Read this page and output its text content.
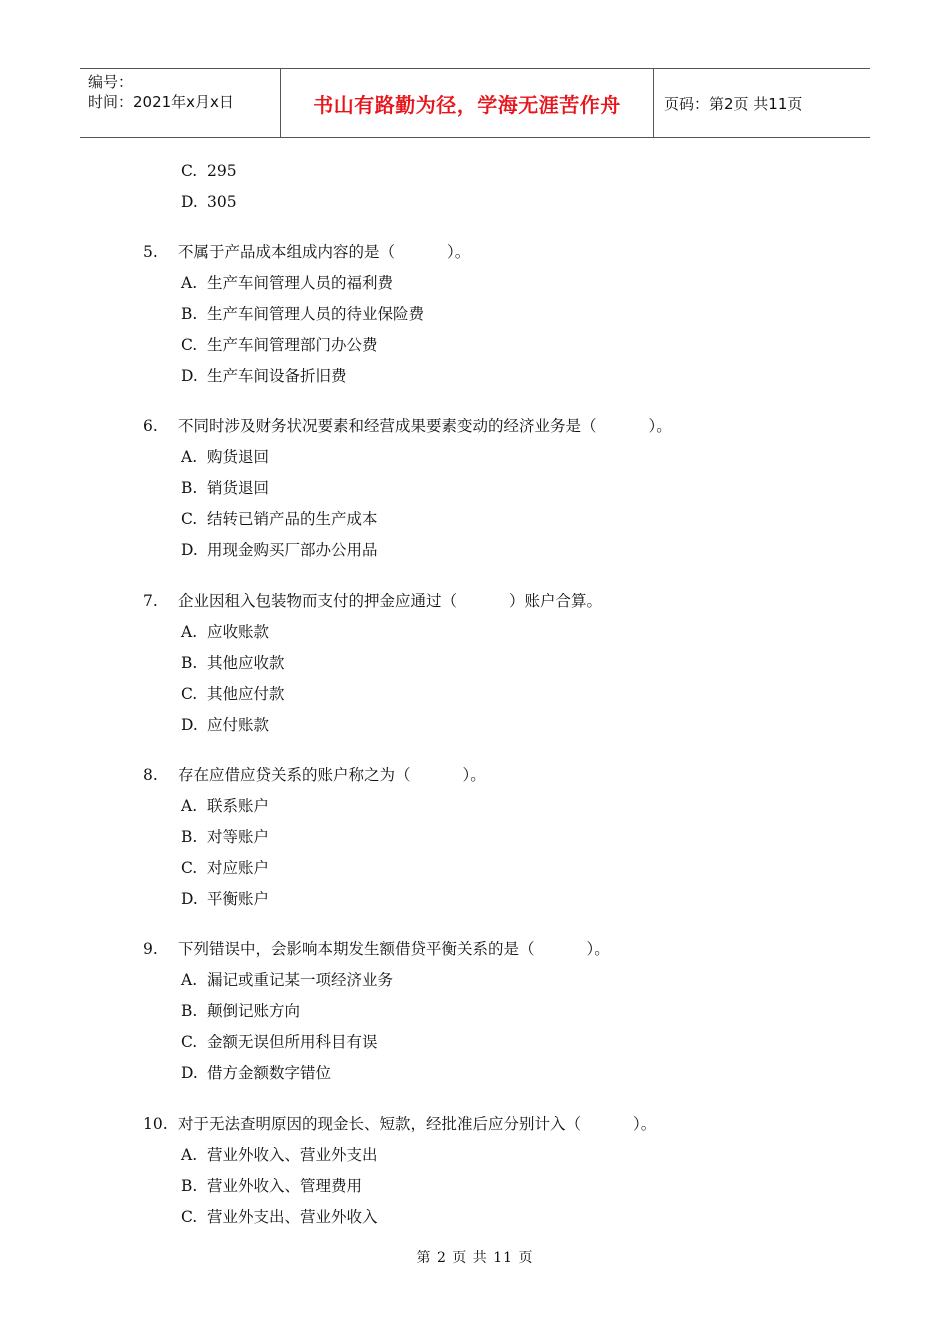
编号：
时间：2021年x月x日	书山有路勤为径，学海无涯苦作舟	页码：第2页 共11页
C. 295
D. 305
5. 不属于产品成本组成内容的是（	）。
A. 生产车间管理人员的福利费
B. 生产车间管理人员的待业保险费
C. 生产车间管理部门办公费
D. 生产车间设备折旧费
6. 不同时涉及财务状况要素和经营成果要素变动的经济业务是（	）。
A. 购货退回
B. 销货退回
C. 结转已销产品的生产成本
D. 用现金购买厂部办公用品
7. 企业因租入包装物而支付的押金应通过（	）账户合算。
A. 应收账款
B. 其他应收款
C. 其他应付款
D. 应付账款
8. 存在应借应贷关系的账户称之为（	）。
A. 联系账户
B. 对等账户
C. 对应账户
D. 平衡账户
9. 下列错误中，会影响本期发生额借贷平衡关系的是（	）。
A. 漏记或重记某一项经济业务
B. 颠倒记账方向
C. 金额无误但所用科目有误
D. 借方金额数字错位
10. 对于无法查明原因的现金长、短款，经批准后应分别计入（	）。
A. 营业外收入、营业外支出
B. 营业外收入、管理费用
C. 营业外支出、营业外收入
第 2 页 共 11 页
